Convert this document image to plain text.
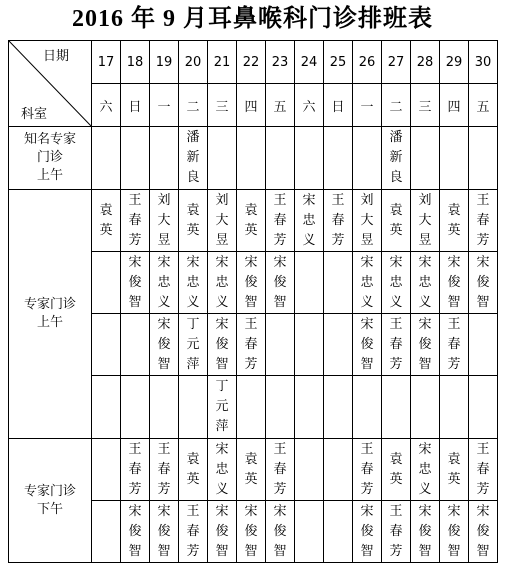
2016 年 9 月耳鼻喉科门诊排班表
日期
科室	17	18	19	20	21	22	23	24	25	26	27	28	29	30
	六	日	一	二	三	四	五	六	日	一	二	三	四	五

知名专家
门诊
上午				潘新良							潘新良			

专家门诊
上午	袁英	王春芳	刘大昱	袁英	刘大昱	袁英	王春芳	宋忠义	王春芳	刘大昱	袁英	刘大昱	袁英	王春芳

		宋俊智	宋忠义	宋忠义	宋忠义	宋俊智	宋俊智			宋忠义	宋忠义	宋忠义	宋俊智	宋俊智

			宋俊智	丁元萍	宋俊智	王春芳				宋俊智	王春芳	宋俊智	王春芳	

					丁元萍									

专家门诊
下午		王春芳	王春芳	袁英	宋忠义	袁英	王春芳			王春芳	袁英	宋忠义	袁英	王春芳

		宋俊智	宋俊智	王春芳	宋俊智	宋俊智	宋俊智			宋俊智	王春芳	宋俊智	宋俊智	宋俊智
